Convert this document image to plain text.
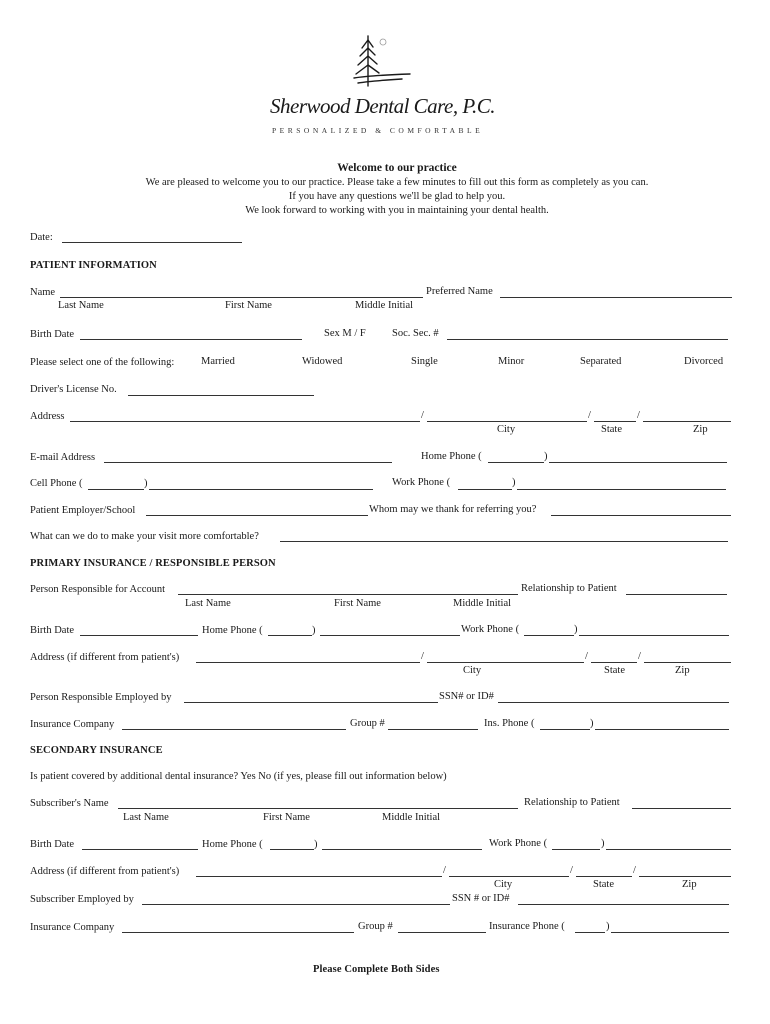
Sherwood Dental Care, P.C.
PERSONALIZED & COMFORTABLE
Welcome to our practice
We are pleased to welcome you to our practice. Please take a few minutes to fill out this form as completely as you can.
If you have any questions we'll be glad to help you.
We look forward to working with you in maintaining your dental health.
Date:
PATIENT INFORMATION
Name	Preferred Name
Last Name	First Name	Middle Initial
Birth Date	Sex M / F	Soc. Sec. #
Please select one of the following:	Married	Widowed	Single	Minor	Separated	Divorced
Driver's License No.
Address	/	/	/
City	State	Zip
E-mail Address	Home Phone (	)
Cell Phone (	)	Work Phone (	)
Patient Employer/School	Whom may we thank for referring you?
What can we do to make your visit more comfortable?
PRIMARY INSURANCE / RESPONSIBLE PERSON
Person Responsible for Account	Relationship to Patient
Last Name	First Name	Middle Initial
Birth Date	Home Phone (	)	Work Phone (	)
Address (if different from patient's)	/	/	/
City	State	Zip
Person Responsible Employed by	SSN# or ID#
Insurance Company	Group #	Ins. Phone (	)
SECONDARY INSURANCE
Is patient covered by additional dental insurance? Yes No (if yes, please fill out information below)
Subscriber's Name	Relationship to Patient
Last Name	First Name	Middle Initial
Birth Date	Home Phone (	)	Work Phone (	)
Address (if different from patient's)	/	/	/
City	State	Zip
Subscriber Employed by	SSN # or ID#
Insurance Company	Group #	Insurance Phone (	)
Please Complete Both Sides
